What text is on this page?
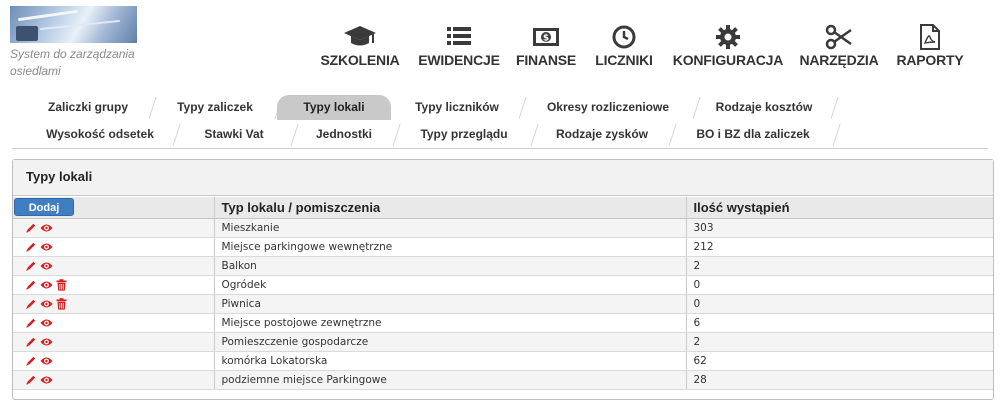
System do zarządzania osiedlami
SZKOLENIA	EWIDENCJE
$
FINANSE	LICZNIKI	KONFIGURACJA NARZĘDZIA RAPORTY
Zaliczki grupy	Typy zaliczek	Typy lokali	Typy liczników	Okresy rozliczeniowe	Rodzaje kosztów
Wysokość odsetek	Stawki Vat	Jednostki	Typy przeglądu	Rodzaje zysków	BO i BZ dla zaliczek
Typy lokali
Dodaj	Typ lokalu / pomiszczenia	Ilość wystąpień

	Mieszkanie	303

	Miejsce parkingowe wewnętrzne	212

	Balkon	2

	Ogródek	0

	Piwnica	0

	Miejsce postojowe zewnętrzne	6

	Pomieszczenie gospodarcze	2

	komórka Lokatorska	62

	podziemne miejsce Parkingowe	28
